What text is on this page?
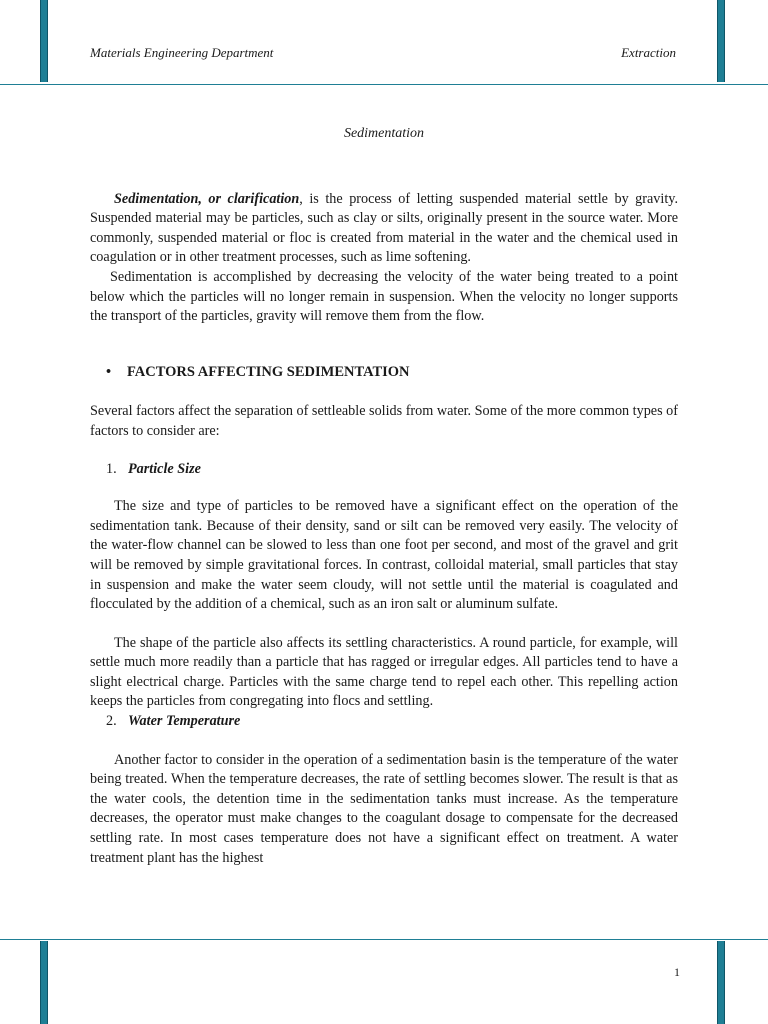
Materials Engineering Department	Extraction

Sedimentation

Sedimentation, or clarification, is the process of letting suspended material settle by gravity. Suspended material may be particles, such as clay or silts, originally present in the source water. More commonly, suspended material or floc is created from material in the water and the chemical used in coagulation or in other treatment processes, such as lime softening.

Sedimentation is accomplished by decreasing the velocity of the water being treated to a point below which the particles will no longer remain in suspension. When the velocity no longer supports the transport of the particles, gravity will remove them from the flow.

• FACTORS AFFECTING SEDIMENTATION

Several factors affect the separation of settleable solids from water. Some of the more common types of factors to consider are:

1. Particle Size

The size and type of particles to be removed have a significant effect on the operation of the sedimentation tank. Because of their density, sand or silt can be removed very easily. The velocity of the water-flow channel can be slowed to less than one foot per second, and most of the gravel and grit will be removed by simple gravitational forces. In contrast, colloidal material, small particles that stay in suspension and make the water seem cloudy, will not settle until the material is coagulated and flocculated by the addition of a chemical, such as an iron salt or aluminum sulfate.

The shape of the particle also affects its settling characteristics. A round particle, for example, will settle much more readily than a particle that has ragged or irregular edges. All particles tend to have a slight electrical charge. Particles with the same charge tend to repel each other. This repelling action keeps the particles from congregating into flocs and settling.

2. Water Temperature

Another factor to consider in the operation of a sedimentation basin is the temperature of the water being treated. When the temperature decreases, the rate of settling becomes slower. The result is that as the water cools, the detention time in the sedimentation tanks must increase. As the temperature decreases, the operator must make changes to the coagulant dosage to compensate for the decreased settling rate. In most cases temperature does not have a significant effect on treatment. A water treatment plant has the highest

1
